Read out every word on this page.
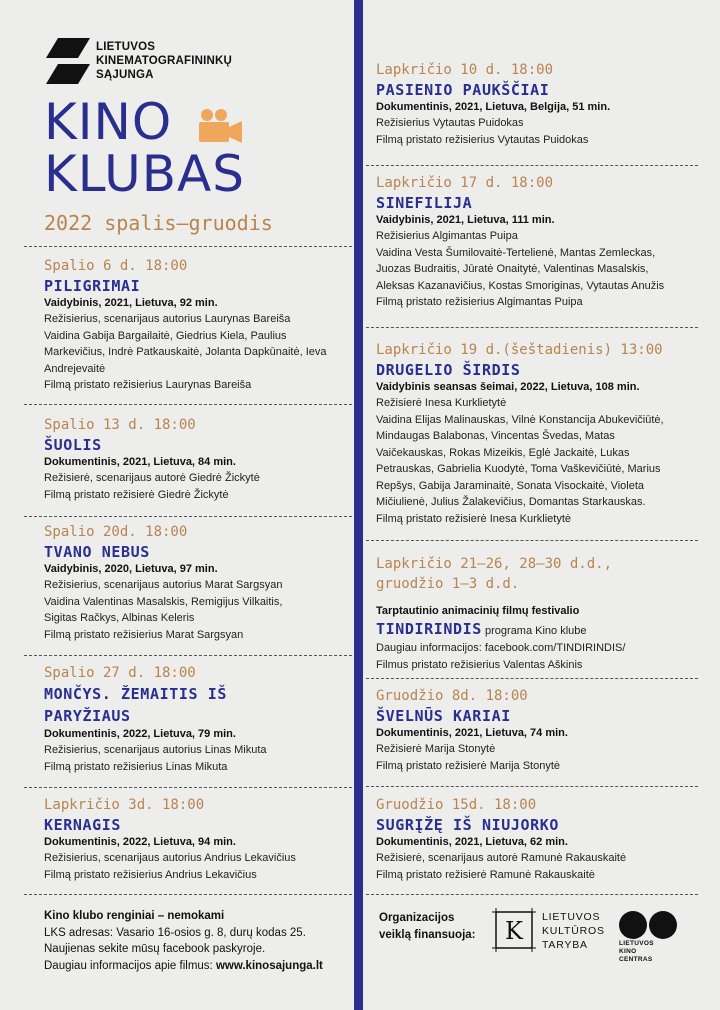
LIETUVOS
KINEMATOGRAFININKŲ
SĄJUNGA
KINO
KLUBAS
2022 spalis–gruodis
Spalio 6 d. 18:00
PILIGRIMAI
Vaidybinis, 2021, Lietuva, 92 min.
Režisierius, scenarijaus autorius Laurynas Bareiša
Vaidina Gabija Bargailaitė, Giedrius Kiela, Paulius
Markevičius, Indrė Patkauskaitė, Jolanta Dapkūnaitė, Ieva
Andrejevaitė
Filmą pristato režisierius Laurynas Bareiša
Spalio 13 d. 18:00
ŠUOLIS
Dokumentinis, 2021, Lietuva, 84 min.
Režisierė, scenarijaus autorė Giedrė Žickytė
Filmą pristato režisierė Giedrė Žickytė
Spalio 20d. 18:00
TVANO NEBUS
Vaidybinis, 2020, Lietuva, 97 min.
Režisierius, scenarijaus autorius Marat Sargsyan
Vaidina Valentinas Masalskis, Remigijus Vilkaitis,
Sigitas Račkys, Albinas Keleris
Filmą pristato režisierius Marat Sargsyan
Spalio 27 d. 18:00
MONČYS. ŽEMAITIS IŠ PARYŽIAUS
Dokumentinis, 2022, Lietuva, 79 min.
Režisierius, scenarijaus autorius Linas Mikuta
Filmą pristato režisierius Linas Mikuta
Lapkričio 3d. 18:00
KERNAGIS
Dokumentinis, 2022, Lietuva, 94 min.
Režisierius, scenarijaus autorius Andrius Lekavičius
Filmą pristato režisierius Andrius Lekavičius
Lapkričio 10 d. 18:00
PASIENIO PAUKŠČIAI
Dokumentinis, 2021, Lietuva, Belgija, 51 min.
Režisierius Vytautas Puidokas
Filmą pristato režisierius Vytautas Puidokas
Lapkričio 17 d. 18:00
SINEFILIJA
Vaidybinis, 2021, Lietuva, 111 min.
Režisierius Algimantas Puipa
Vaidina Vesta Šumilovaitė-Tertelienė, Mantas Zemleckas,
Juozas Budraitis, Jūratė Onaitytė, Valentinas Masalskis,
Aleksas Kazanavičius, Kostas Smoriginas, Vytautas Anužis
Filmą pristato režisierius Algimantas Puipa
Lapkričio 19 d.(šeštadienis) 13:00
DRUGELIO ŠIRDIS
Vaidybinis seansas šeimai, 2022, Lietuva, 108 min.
Režisierė Inesa Kurklietytė
Vaidina Elijas Malinauskas, Vilnė Konstancija Abukevičiūtė,
Mindaugas Balabonas, Vincentas Švedas, Matas
Vaičekauskas, Rokas Mizeikis, Eglė Jackaitė, Lukas
Petrauskas, Gabrielia Kuodytė, Toma Vaškevičiūtė, Marius
Repšys, Gabija Jaraminaitė, Sonata Visockaitė, Violeta
Mičiulienė, Julius Žalakevičius, Domantas Starkauskas.
Filmą pristato režisierė Inesa Kurklietytė
Lapkričio 21–26, 28–30 d.d.,
gruodžio 1–3 d.d.
Tarptautinio animacinių filmų festivalio
TINDIRINDIS programa Kino klube
Daugiau informacijos: facebook.com/TINDIRINDIS/
Filmus pristato režisierius Valentas Aškinis
Gruodžio 8d. 18:00
ŠVELNŪS KARIAI
Dokumentinis, 2021, Lietuva, 74 min.
Režisierė Marija Stonytė
Filmą pristato režisierė Marija Stonytė
Gruodžio 15d. 18:00
SUGRĮŽĘ IŠ NIUJORKO
Dokumentinis, 2021, Lietuva, 62 min.
Režisierė, scenarijaus autorė Ramunė Rakauskaitė
Filmą pristato režisierė Ramunė Rakauskaitė
Kino klubo renginiai – nemokami
LKS adresas: Vasario 16-osios g. 8, durų kodas 25.
Naujienas sekite mūsų facebook paskyroje.
Daugiau informacijos apie filmus: www.kinosajunga.lt
Organizacijos
veiklą finansuoja: K LIETUVOS
KULTŪROS
TARYBA	LIETUVOS
KINO
CENTRAS
